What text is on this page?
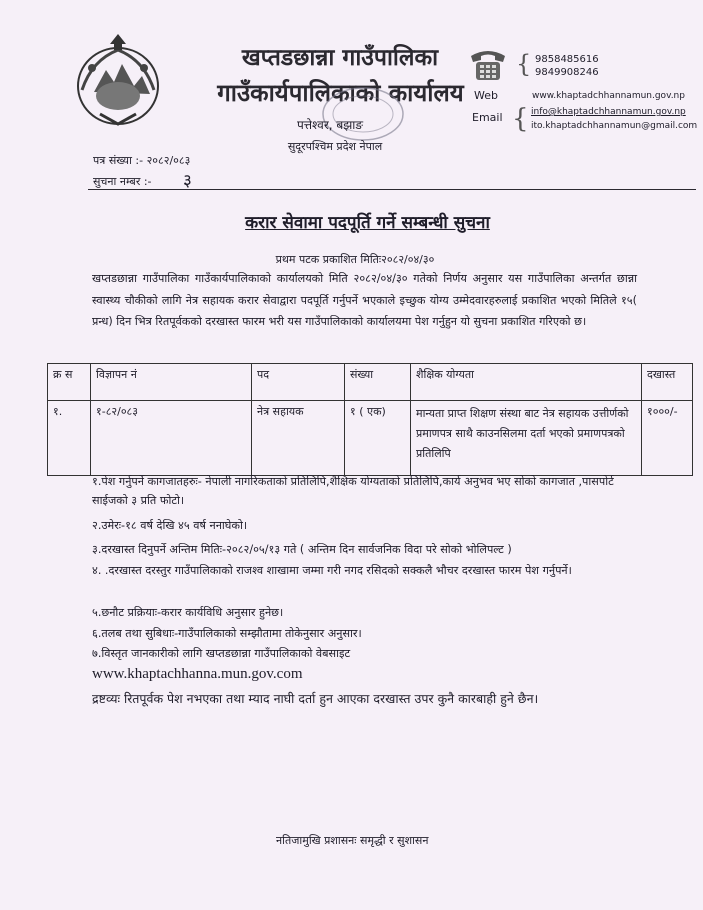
खप्तडछान्ना गाउँपालिका
गाउँकार्यपालिकाको कार्यालय
पत्तेश्वर, बझाङ
सुदूरपश्चिम प्रदेश नेपाल
{ 9858485616
9849908246
Web	www.khaptadchhannamun.gov.np
Email { info@khaptadchhannamun.gov.np
ito.khaptadchhannamun@gmail.com
पत्र संख्या :- २०८२/०८३
सुचना नम्बर :- ३
करार सेवामा पदपूर्ति गर्ने सम्बन्धी सुचना
प्रथम पटक प्रकाशित मितिः२०८२/०४/३०
खप्तडछान्ना गाउँपालिका गाउँकार्यपालिकाको कार्यालयको मिति २०८२/०४/३० गतेको निर्णय अनुसार यस गाउँपालिका अन्तर्गत छान्ना स्वास्थ्य चौकीको लागि नेत्र सहायक करार सेवाद्वारा पदपूर्ति गर्नुपर्ने भएकाले इच्छुक योग्य उम्मेदवारहरुलाई प्रकाशित भएको मितिले १५( प्रन्ध) दिन भित्र रितपूर्वकको दरखास्त फारम भरी यस गाउँपालिकाको कार्यालयमा पेश गर्नुहुन यो सुचना प्रकाशित गरिएको छ।
क्र स	विज्ञापन नं	पद	संख्या	शैक्षिक योग्यता	दखास्त
१.	१-८२/०८३	नेत्र सहायक	१ ( एक)	मान्यता प्राप्त शिक्षण संस्था बाट नेत्र सहायक उत्तीर्णको प्रमाणपत्र साथै काउनसिलमा दर्ता भएको प्रमाणपत्रको प्रतिलिपि	१०००/-
१.पेश गर्नुपर्ने कागजातहरुः- नेपाली नागरिकताको प्रतिलिपि,शैक्षिक योग्यताको प्रतिलिपि,कार्य अनुभव भए सोको कागजात ,पासपोर्ट साईजको ३ प्रति फोटो।
२.उमेरः-१८ वर्ष देखि ४५ वर्ष ननाघेको।
३.दरखास्त दिनुपर्ने अन्तिम मितिः-२०८२/०५/१३ गते ( अन्तिम दिन सार्वजनिक विदा परे सोको भोलिपल्ट )
४. .दरखास्त दरस्तुर गाउँपालिकाको राजश्व शाखामा जम्मा गरी नगद रसिदको सक्कलै भौचर दरखास्त फारम पेश गर्नुपर्ने।
५.छनौट प्रक्रियाः-करार कार्यविधि अनुसार हुनेछ।
६.तलब तथा सुबिधाः-गाउँपालिकाको सम्झौतामा तोकेनुसार अनुसार।
७.विस्तृत जानकारीको लागि खप्तडछान्ना गाउँपालिकाको वेबसाइट
www.khaptachhanna.mun.gov.com
द्रष्टव्यः रितपूर्वक पेश नभएका तथा म्याद नाघी दर्ता हुन आएका दरखास्त उपर कुनै कारबाही हुने छैन।
नतिजामुखि प्रशासनः समृद्धी र सुशासन
